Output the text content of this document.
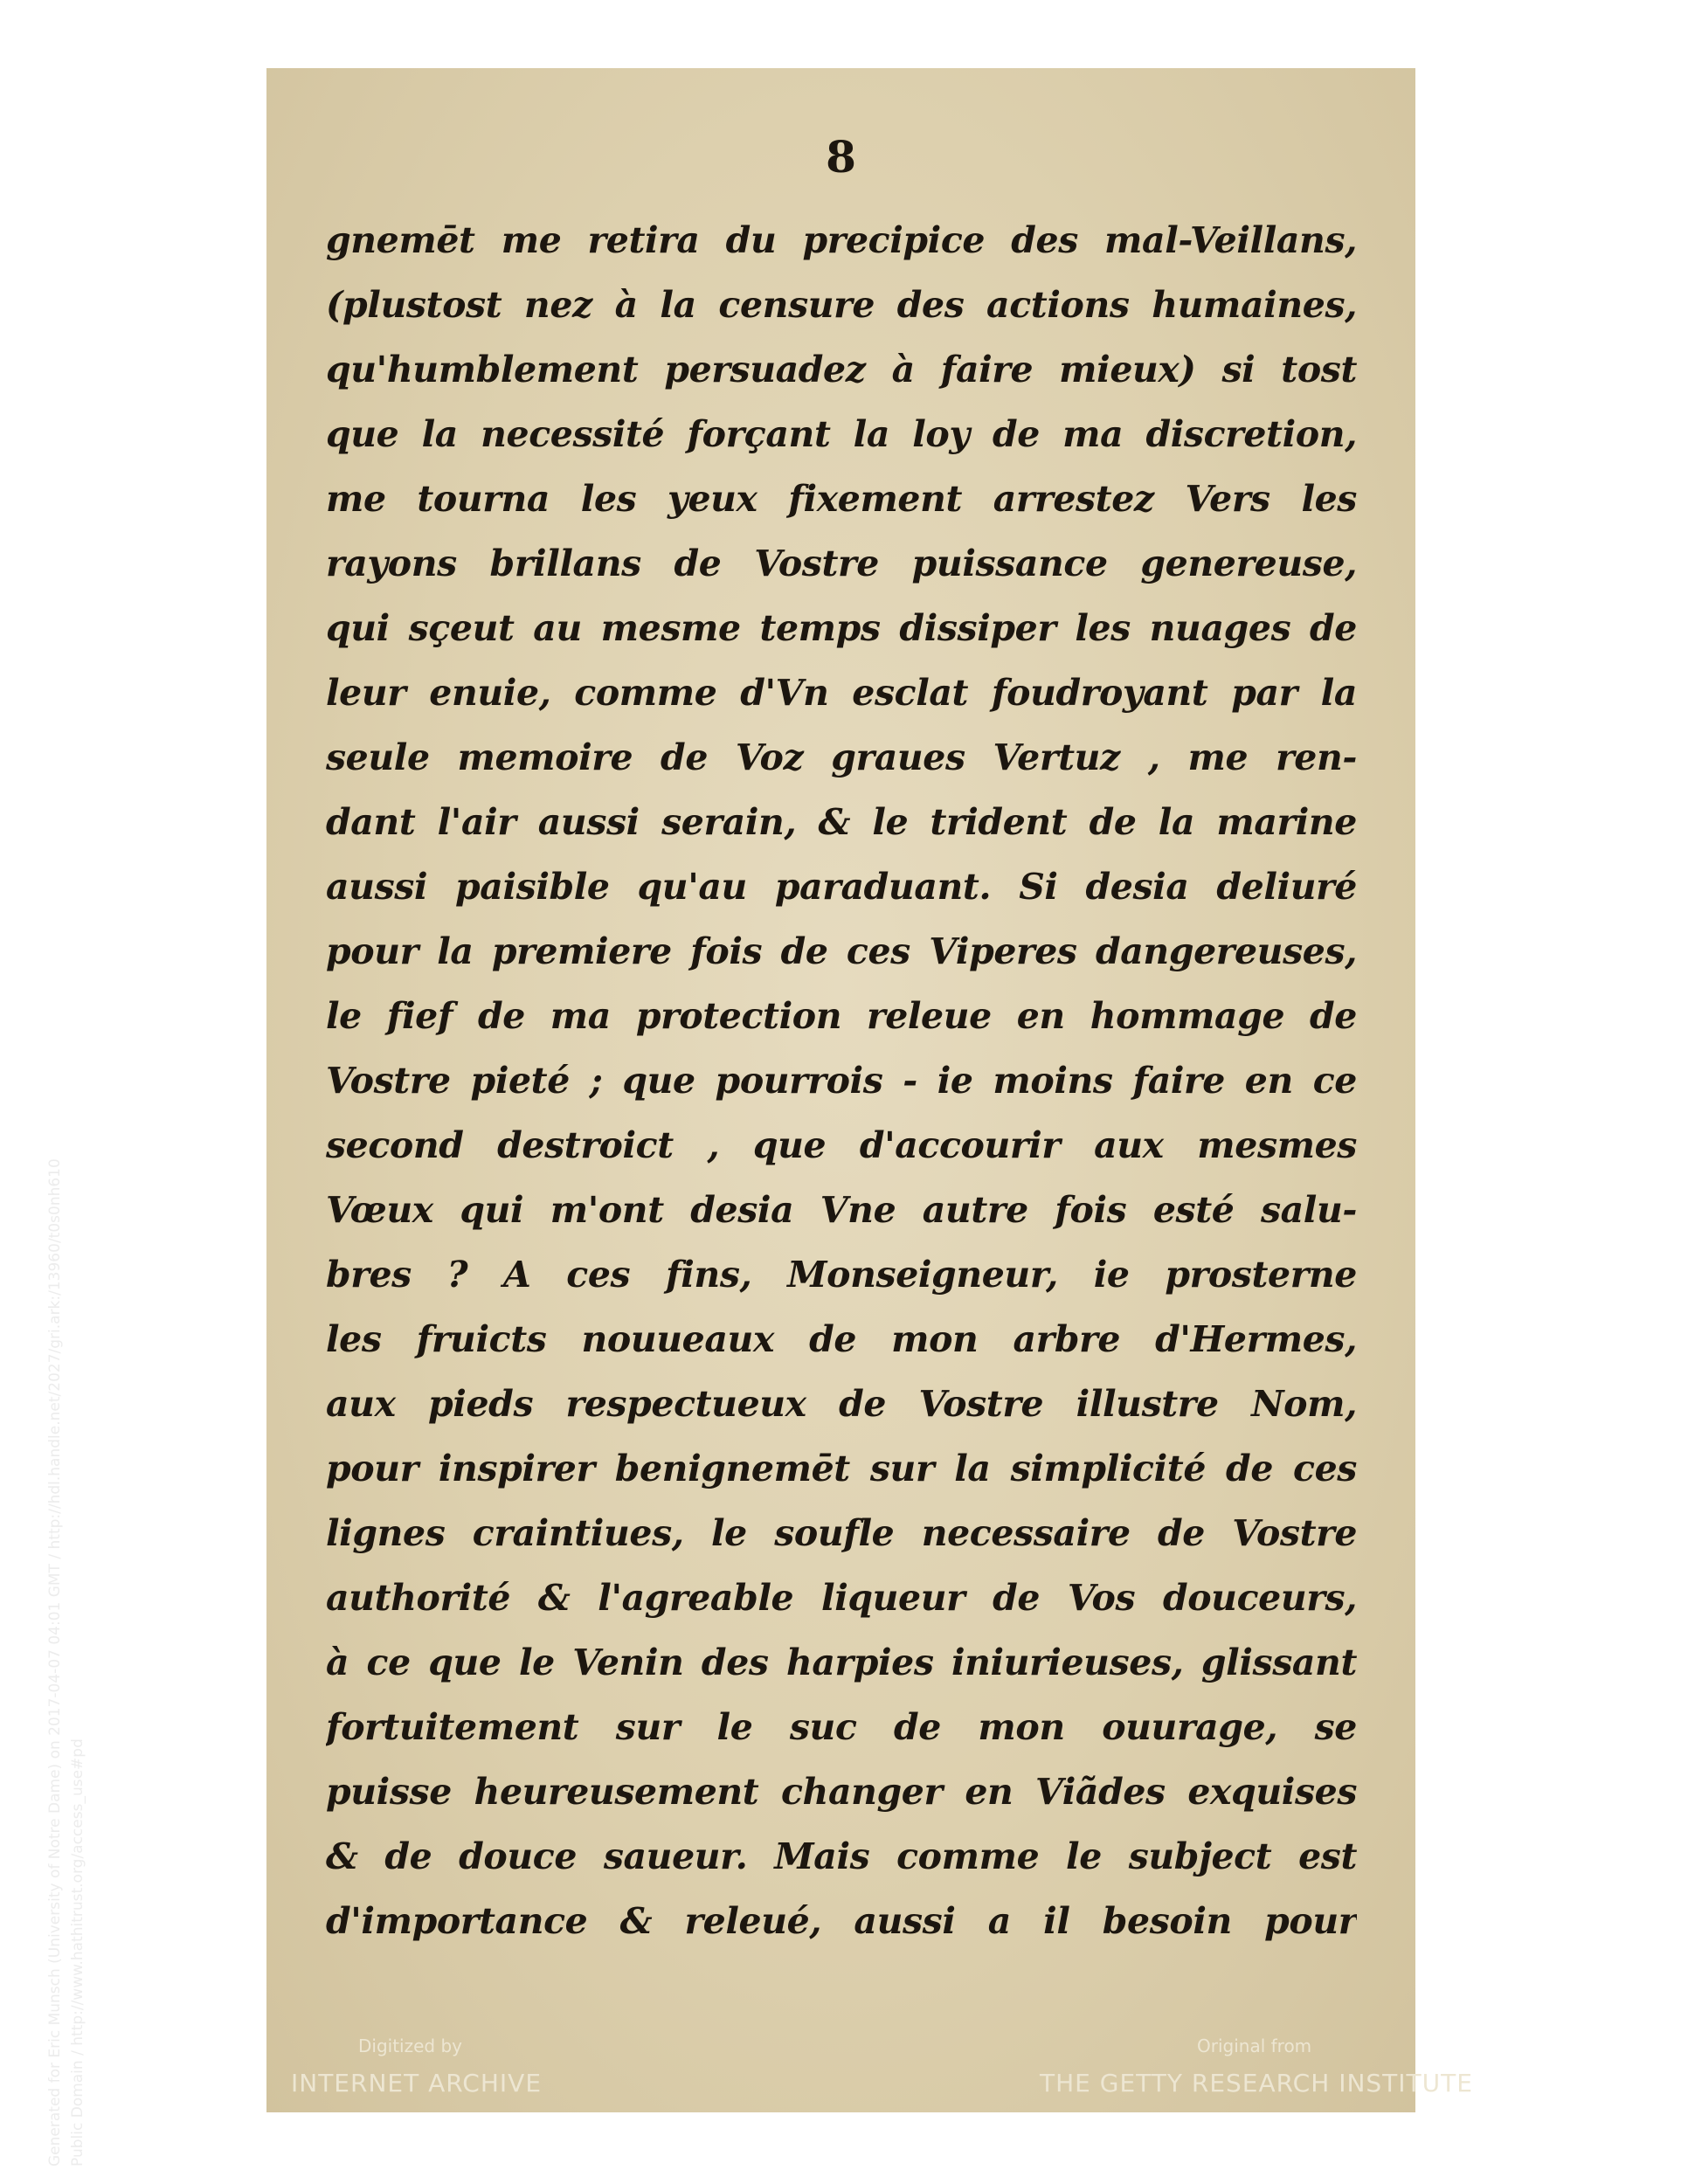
8
gnemēt me retira du precipice des mal-Veillans,
(plustost nez à la censure des actions humaines,
qu'humblement persuadez à faire mieux) si tost
que la necessité forçant la loy de ma discretion,
me tourna les yeux fixement arrestez Vers les
rayons brillans de Vostre puissance genereuse,
qui sçeut au mesme temps dissiper les nuages de
leur enuie, comme d'Vn esclat foudroyant par la
seule memoire de Voz graues Vertuz , me ren-
dant l'air aussi serain, & le trident de la marine
aussi paisible qu'au paraduant. Si desia deliuré
pour la premiere fois de ces Viperes dangereuses,
le fief de ma protection releue en hommage de
Vostre pieté ; que pourrois - ie moins faire en ce
second destroict , que d'accourir aux mesmes
Vœux qui m'ont desia Vne autre fois esté salu-
bres ? A ces fins, Monseigneur, ie prosterne
les fruicts nouueaux de mon arbre d'Hermes,
aux pieds respectueux de Vostre illustre Nom,
pour inspirer benignemēt sur la simplicité de ces
lignes craintiues, le soufle necessaire de Vostre
authorité & l'agreable liqueur de Vos douceurs,
à ce que le Venin des harpies iniurieuses, glissant
fortuitement sur le suc de mon ouurage, se
puisse heureusement changer en Viãdes exquises
& de douce saueur. Mais comme le subject est
d'importance & releué, aussi a il besoin pour
Digitized by
INTERNET ARCHIVE
Original from
THE GETTY RESEARCH INSTITUTE
Generated for Eric Munsch (University of Notre Dame) on 2017-04-07 04:01 GMT / http://hdl.handle.net/2027/gri.ark:/13960/t0s0nh610 Public Domain / http://www.hathitrust.org/access_use#pd
